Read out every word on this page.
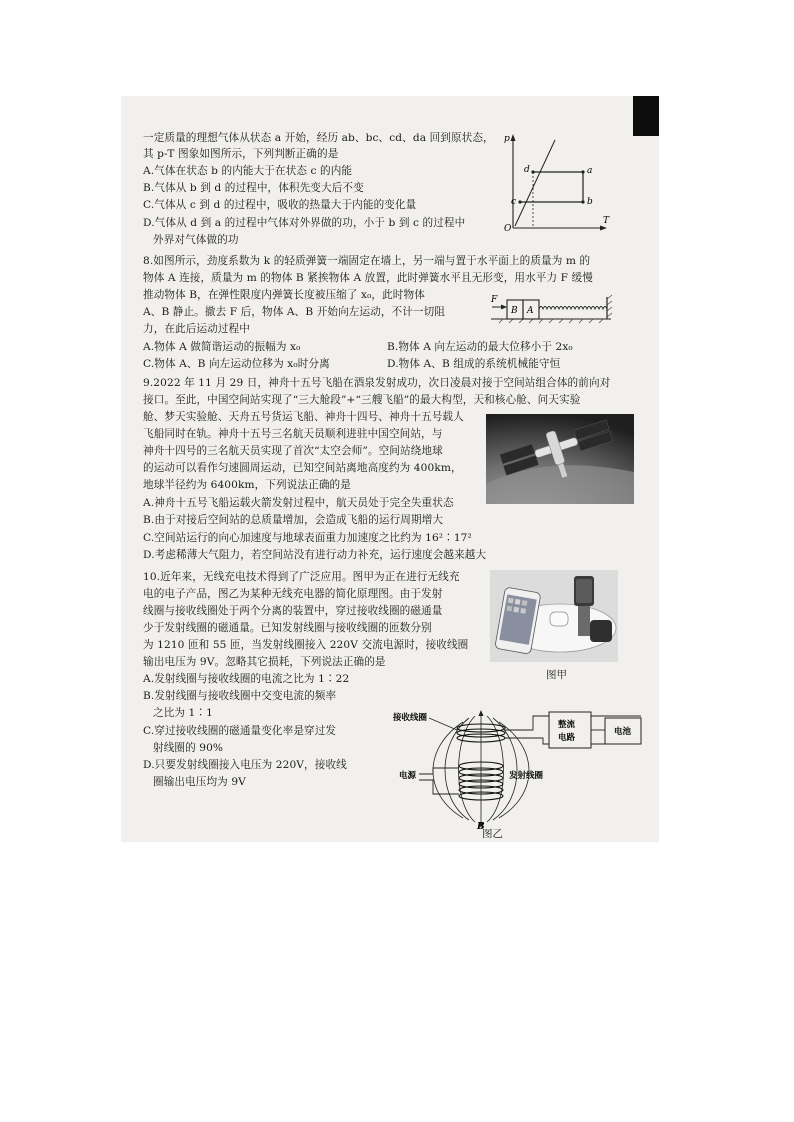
一定质量的理想气体从状态 a 开始，经历 ab、bc、cd、da 回到原状态，
其 p-T 图象如图所示，下列判断正确的是
A.气体在状态 b 的内能大于在状态 c 的内能
B.气体从 b 到 d 的过程中，体积先变大后不变
C.气体从 c 到 d 的过程中，吸收的热量大于内能的变化量
D.气体从 d 到 a 的过程中气体对外界做的功，小于 b 到 c 的过程中
外界对气体做的功
p
T
O
a
b
c
d
8.如图所示，劲度系数为 k 的轻质弹簧一端固定在墙上，另一端与置于水平面上的质量为 m 的
物体 A 连接，质量为 m 的物体 B 紧挨物体 A 放置，此时弹簧水平且无形变，用水平力 F 缓慢
推动物体 B，在弹性限度内弹簧长度被压缩了 x₀，此时物体
A、B 静止。撤去 F 后，物体 A、B 开始向左运动，不计一切阻
力，在此后运动过程中
A.物体 A 做简谐运动的振幅为 x₀	B.物体 A 向左运动的最大位移小于 2x₀
C.物体 A、B 向左运动位移为 x₀时分离	D.物体 A、B 组成的系统机械能守恒
F
B A
9.2022 年 11 月 29 日，神舟十五号飞船在酒泉发射成功，次日凌晨对接于空间站组合体的前向对
接口。至此，中国空间站实现了“三大舱段”+“三艘飞船”的最大构型，天和核心舱、问天实验
舱、梦天实验舱、天舟五号货运飞船、神舟十四号、神舟十五号载人
飞船同时在轨。神舟十五号三名航天员顺利进驻中国空间站，与
神舟十四号的三名航天员实现了首次“太空会师”。空间站绕地球
的运动可以看作匀速圆周运动，已知空间站离地高度约为 400km，
地球半径约为 6400km，下列说法正确的是
A.神舟十五号飞船运载火箭发射过程中，航天员处于完全失重状态
B.由于对接后空间站的总质量增加，会造成飞船的运行周期增大
C.空间站运行的向心加速度与地球表面重力加速度之比约为 16²∶17²
D.考虑稀薄大气阻力，若空间站没有进行动力补充，运行速度会越来越大
10.近年来，无线充电技术得到了广泛应用。图甲为正在进行无线充
电的电子产品，图乙为某种无线充电器的简化原理图。由于发射
线圈与接收线圈处于两个分离的装置中，穿过接收线圈的磁通量
少于发射线圈的磁通量。已知发射线圈与接收线圈的匝数分别
为 1210 匝和 55 匝，当发射线圈接入 220V 交流电源时，接收线圈
输出电压为 9V。忽略其它损耗，下列说法正确的是
A.发射线圈与接收线圈的电流之比为 1∶22
B.发射线圈与接收线圈中交变电流的频率
之比为 1∶1
C.穿过接收线圈的磁通量变化率是穿过发
射线圈的 90%
D.只要发射线圈接入电压为 220V，接收线
圈输出电压均为 9V
图甲
整流
电路
电池
接收线圈
电源	发射线圈
B
图乙
